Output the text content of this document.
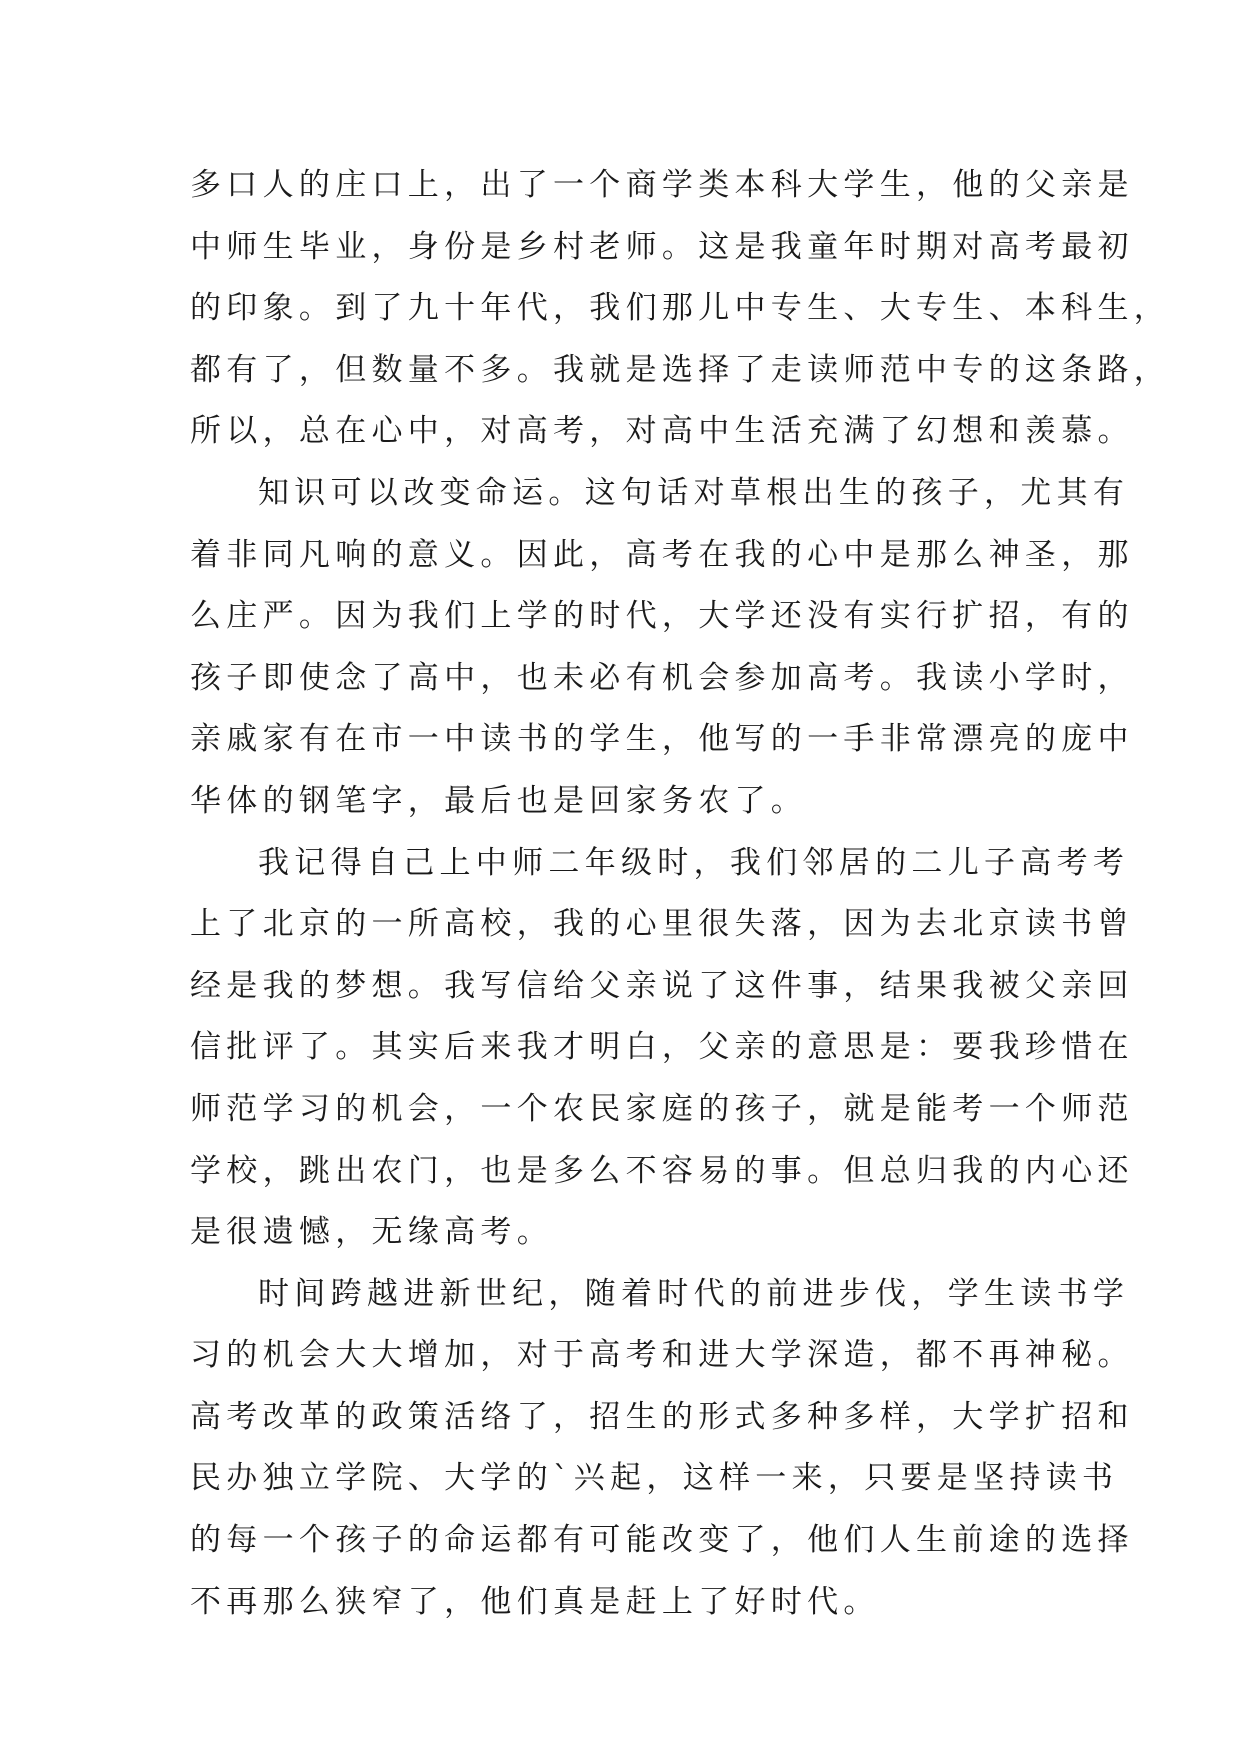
多口人的庄口上，出了一个商学类本科大学生，他的父亲是
中师生毕业，身份是乡村老师。这是我童年时期对高考最初
的印象。到了九十年代，我们那儿中专生、大专生、本科生，
都有了，但数量不多。我就是选择了走读师范中专的这条路，
所以，总在心中，对高考，对高中生活充满了幻想和羡慕。
知识可以改变命运。这句话对草根出生的孩子，尤其有
着非同凡响的意义。因此，高考在我的心中是那么神圣，那
么庄严。因为我们上学的时代，大学还没有实行扩招，有的
孩子即使念了高中，也未必有机会参加高考。我读小学时，
亲戚家有在市一中读书的学生，他写的一手非常漂亮的庞中
华体的钢笔字，最后也是回家务农了。
我记得自己上中师二年级时，我们邻居的二儿子高考考
上了北京的一所高校，我的心里很失落，因为去北京读书曾
经是我的梦想。我写信给父亲说了这件事，结果我被父亲回
信批评了。其实后来我才明白，父亲的意思是：要我珍惜在
师范学习的机会，一个农民家庭的孩子，就是能考一个师范
学校，跳出农门，也是多么不容易的事。但总归我的内心还
是很遗憾，无缘高考。
时间跨越进新世纪，随着时代的前进步伐，学生读书学
习的机会大大增加，对于高考和进大学深造，都不再神秘。
高考改革的政策活络了，招生的形式多种多样，大学扩招和
民办独立学院、大学的`兴起，这样一来，只要是坚持读书
的每一个孩子的命运都有可能改变了，他们人生前途的选择
不再那么狭窄了，他们真是赶上了好时代。
